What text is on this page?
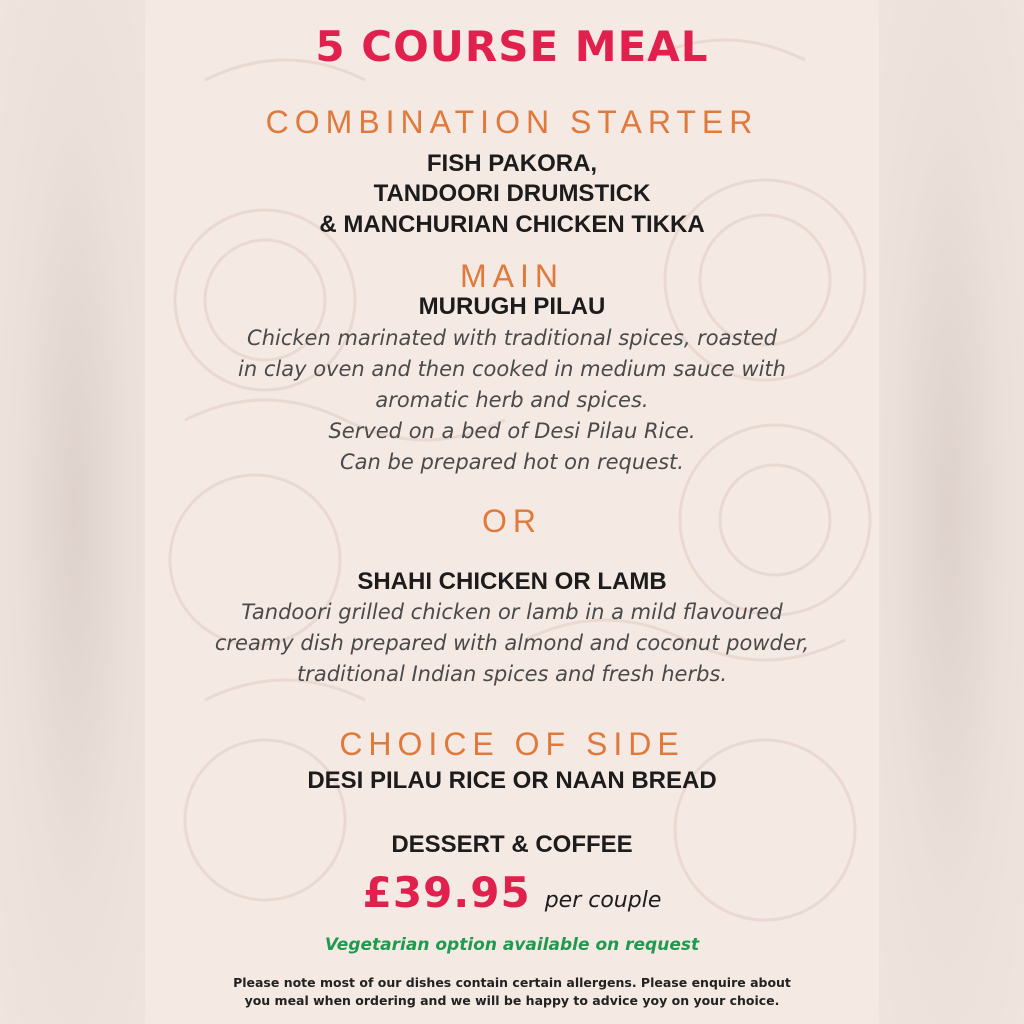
5 COURSE MEAL
COMBINATION STARTER
FISH PAKORA,
TANDOORI DRUMSTICK
& MANCHURIAN CHICKEN TIKKA
MAIN
MURUGH PILAU
Chicken marinated with traditional spices, roasted
in clay oven and then cooked in medium sauce with
aromatic herb and spices.
Served on a bed of Desi Pilau Rice.
Can be prepared hot on request.
OR
SHAHI CHICKEN OR LAMB
Tandoori grilled chicken or lamb in a mild flavoured
creamy dish prepared with almond and coconut powder,
traditional Indian spices and fresh herbs.
CHOICE OF SIDE
DESI PILAU RICE OR NAAN BREAD
DESSERT & COFFEE
£39.95 per couple
Vegetarian option available on request
Please note most of our dishes contain certain allergens. Please enquire about
you meal when ordering and we will be happy to advice yoy on your choice.
